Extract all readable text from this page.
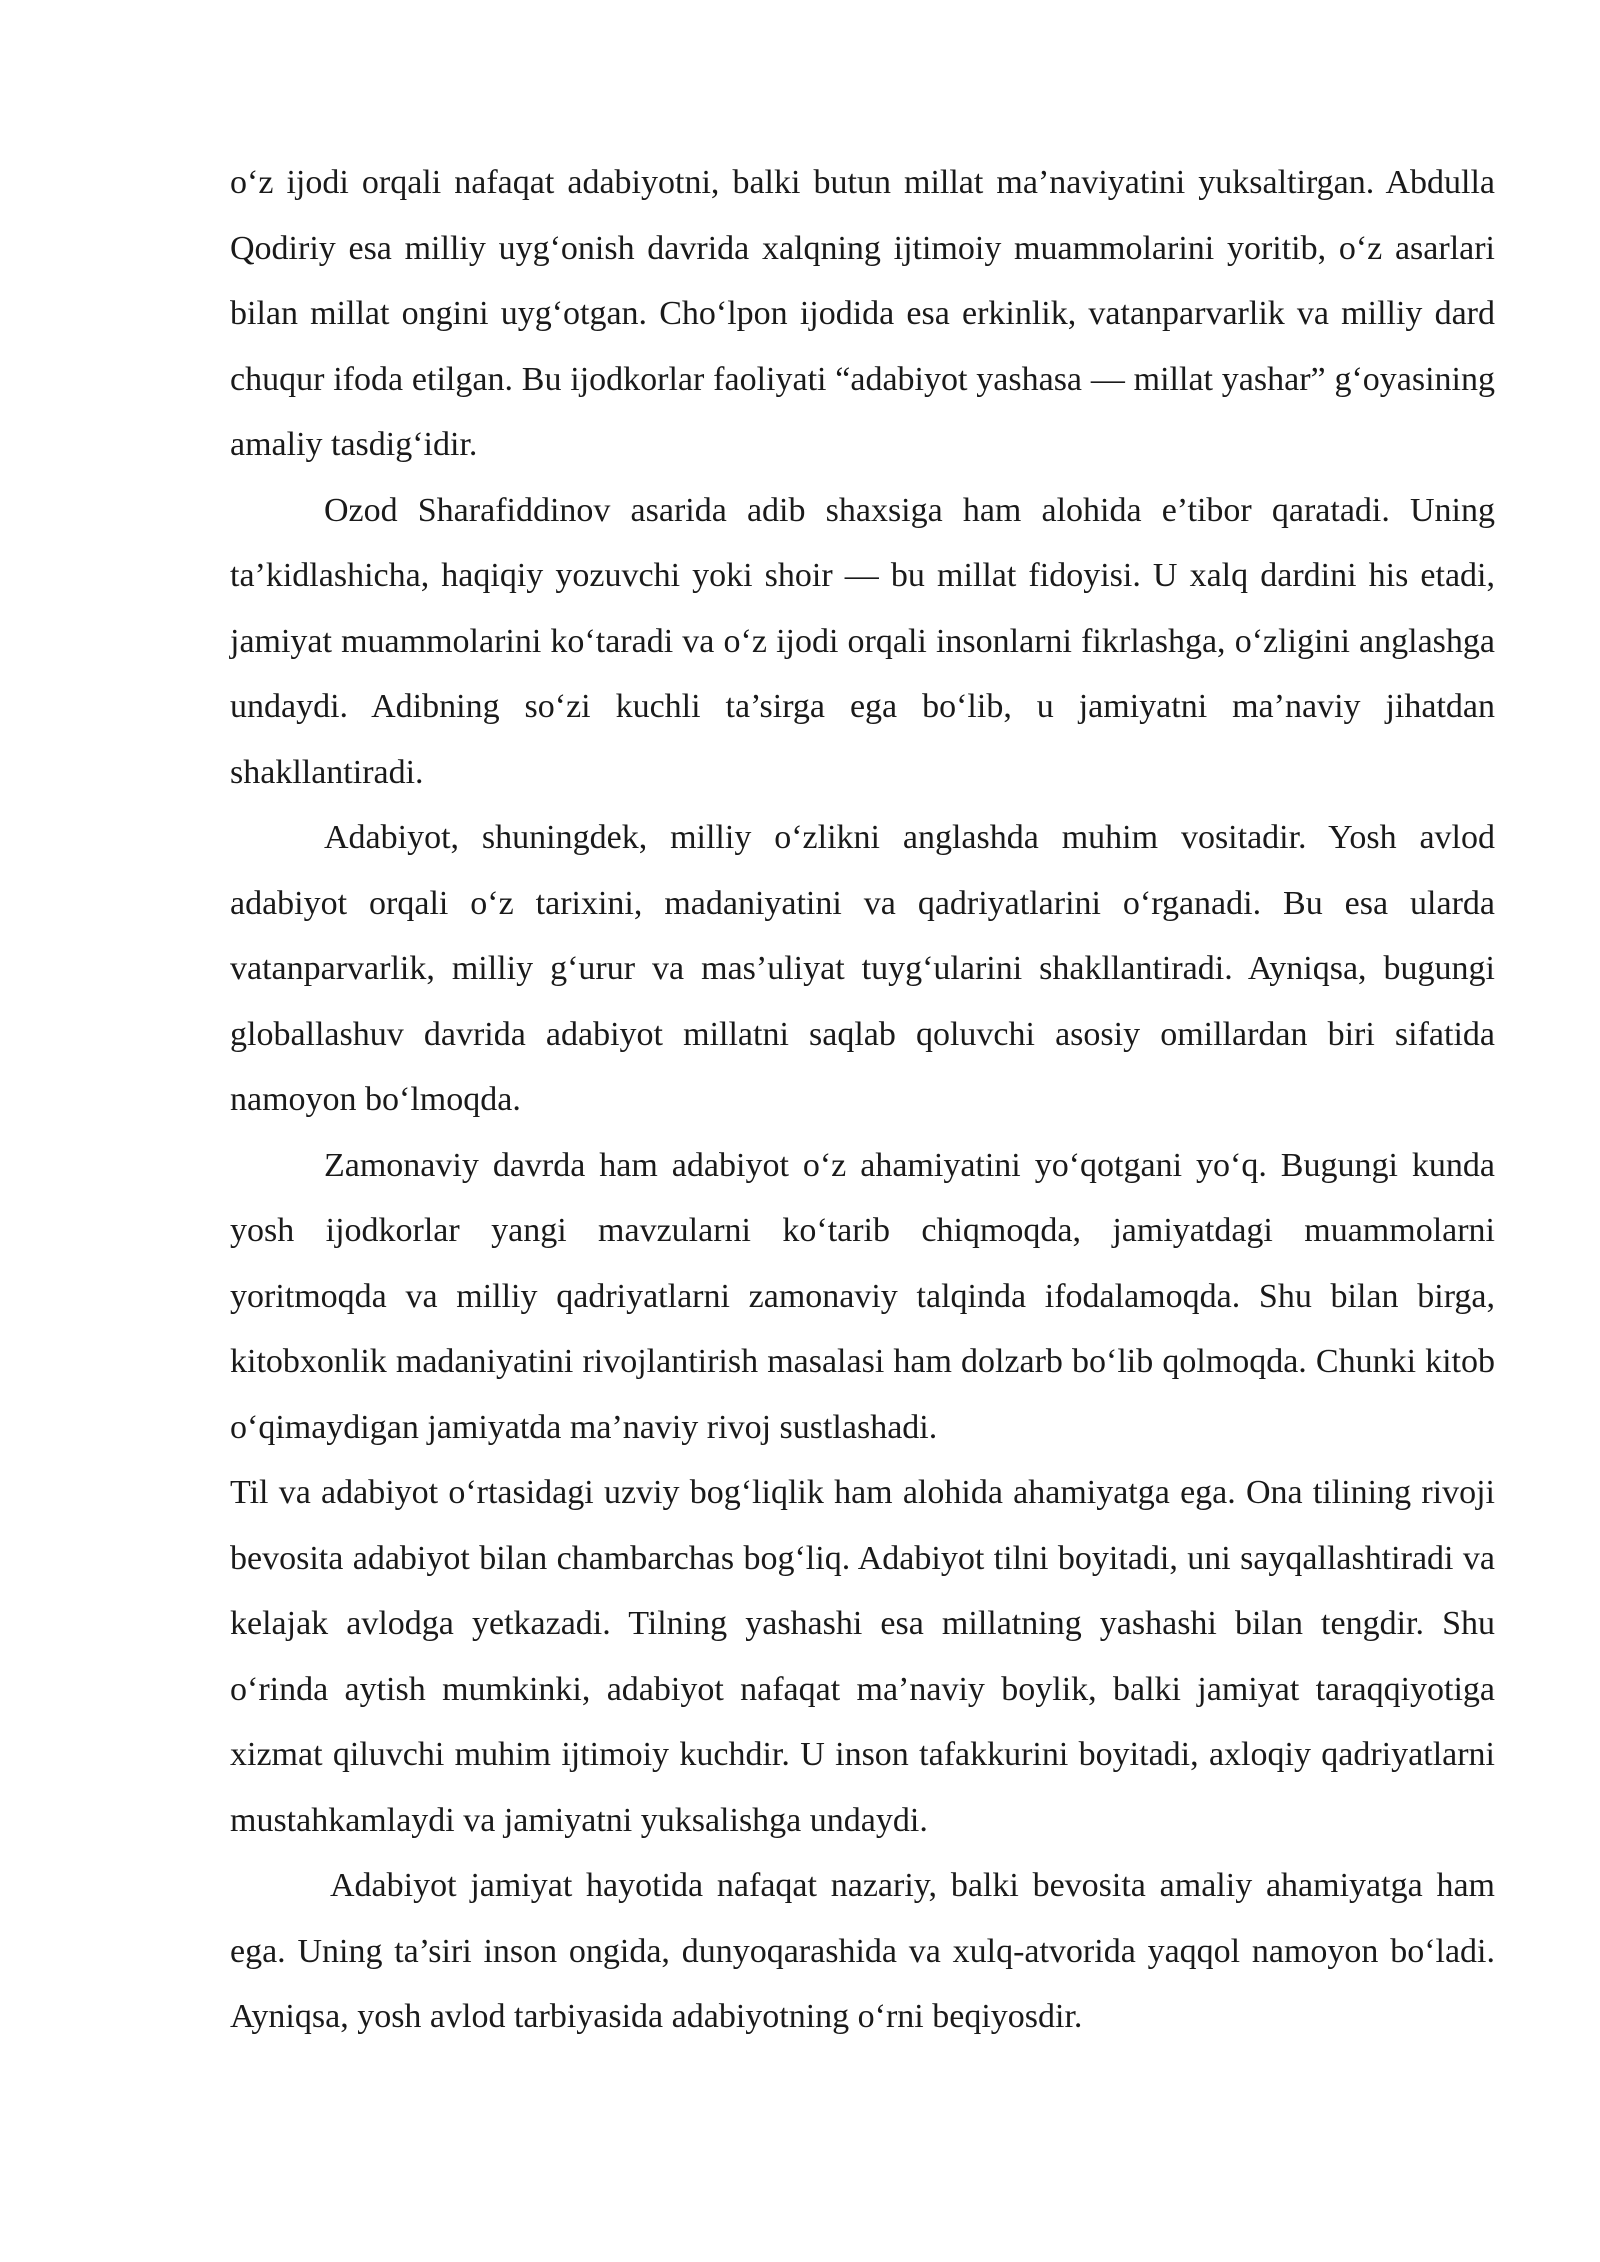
o‘z ijodi orqali nafaqat adabiyotni, balki butun millat ma’naviyatini yuksaltirgan. Abdulla Qodiriy esa milliy uyg‘onish davrida xalqning ijtimoiy muammolarini yoritib, o‘z asarlari bilan millat ongini uyg‘otgan. Cho‘lpon ijodida esa erkinlik, vatanparvarlik va milliy dard chuqur ifoda etilgan. Bu ijodkorlar faoliyati “adabiyot yashasa — millat yashar” g‘oyasining amaliy tasdig‘idir.

Ozod Sharafiddinov asarida adib shaxsiga ham alohida e’tibor qaratadi. Uning ta’kidlashicha, haqiqiy yozuvchi yoki shoir — bu millat fidoyisi. U xalq dardini his etadi, jamiyat muammolarini ko‘taradi va o‘z ijodi orqali insonlarni fikrlashga, o‘zligini anglashga undaydi. Adibning so‘zi kuchli ta’sirga ega bo‘lib, u jamiyatni ma’naviy jihatdan shakllantiradi.

Adabiyot, shuningdek, milliy o‘zlikni anglashda muhim vositadir. Yosh avlod adabiyot orqali o‘z tarixini, madaniyatini va qadriyatlarini o‘rganadi. Bu esa ularda vatanparvarlik, milliy g‘urur va mas’uliyat tuyg‘ularini shakllantiradi. Ayniqsa, bugungi globallashuv davrida adabiyot millatni saqlab qoluvchi asosiy omillardan biri sifatida namoyon bo‘lmoqda.

Zamonaviy davrda ham adabiyot o‘z ahamiyatini yo‘qotgani yo‘q. Bugungi kunda yosh ijodkorlar yangi mavzularni ko‘tarib chiqmoqda, jamiyatdagi muammolarni yoritmoqda va milliy qadriyatlarni zamonaviy talqinda ifodalamoqda. Shu bilan birga, kitobxonlik madaniyatini rivojlantirish masalasi ham dolzarb bo‘lib qolmoqda. Chunki kitob o‘qimaydigan jamiyatda ma’naviy rivoj sustlashadi.

Til va adabiyot o‘rtasidagi uzviy bog‘liqlik ham alohida ahamiyatga ega. Ona tilining rivoji bevosita adabiyot bilan chambarchas bog‘liq. Adabiyot tilni boyitadi, uni sayqallashtiradi va kelajak avlodga yetkazadi. Tilning yashashi esa millatning yashashi bilan tengdir. Shu o‘rinda aytish mumkinki, adabiyot nafaqat ma’naviy boylik, balki jamiyat taraqqiyotiga xizmat qiluvchi muhim ijtimoiy kuchdir. U inson tafakkurini boyitadi, axloqiy qadriyatlarni mustahkamlaydi va jamiyatni yuksalishga undaydi.

Adabiyot jamiyat hayotida nafaqat nazariy, balki bevosita amaliy ahamiyatga ham ega. Uning ta’siri inson ongida, dunyoqarashida va xulq-atvorida yaqqol namoyon bo‘ladi. Ayniqsa, yosh avlod tarbiyasida adabiyotning o‘rni beqiyosdir.
